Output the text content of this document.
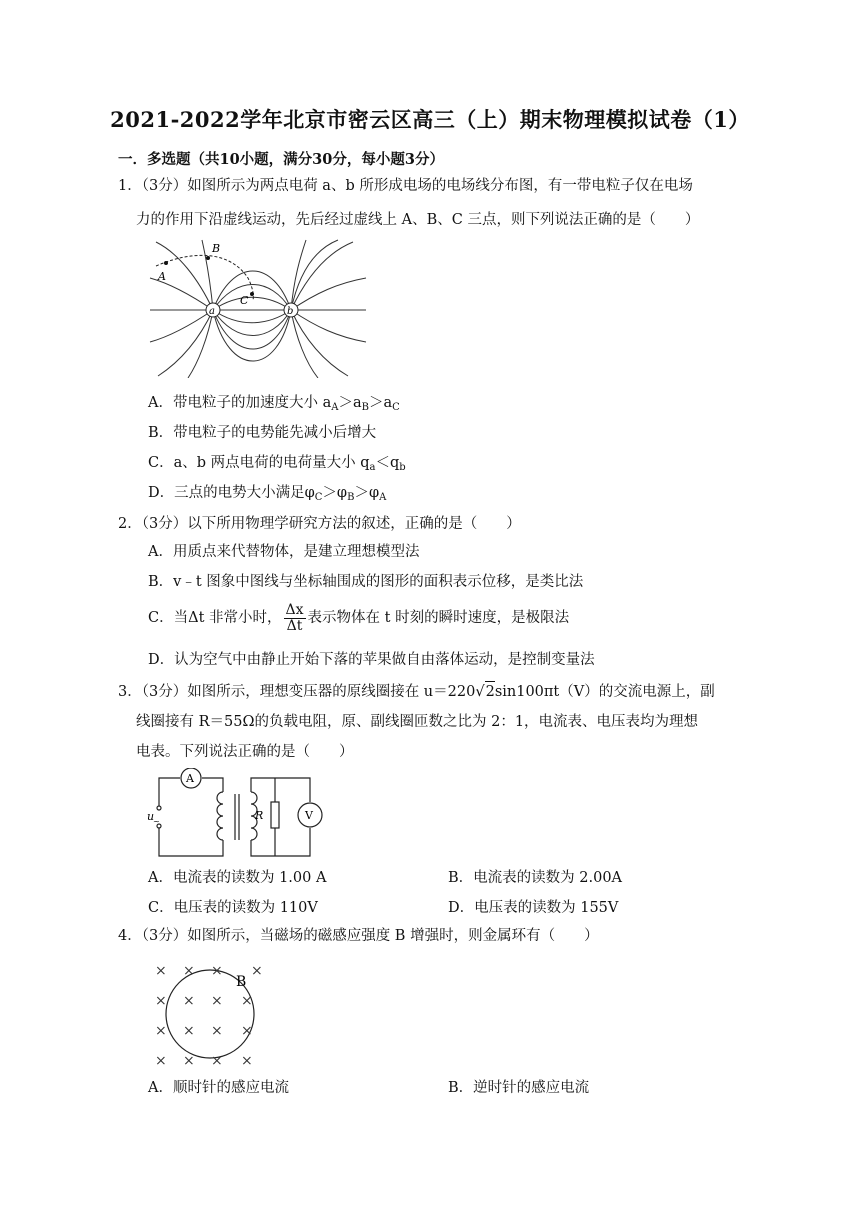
2021-2022学年北京市密云区高三（上）期末物理模拟试卷（1）
一．多选题（共10小题，满分30分，每小题3分）
1．（3分）如图所示为两点电荷 a、b 所形成电场的电场线分布图，有一带电粒子仅在电场
力的作用下沿虚线运动，先后经过虚线上 A、B、C 三点，则下列说法正确的是（　　）
A
B
C
a	b
A．带电粒子的加速度大小 $a_A>a_B>a_C$
B．带电粒子的电势能先减小后增大
C．a、b 两点电荷的电荷量大小 $q_a<q_b$
D．三点的电势大小满足$\varphi_C>\varphi_B>\varphi_A$
2．（3分）以下所用物理学研究方法的叙述，正确的是（　　）
A．用质点来代替物体，是建立理想模型法
B．v﹣t 图象中图线与坐标轴围成的图形的面积表示位移，是类比法
C．当Δt 非常小时， $\frac{\Delta x}{\Delta t}$ 表示物体在 t 时刻的瞬时速度，是极限法
D．认为空气中由静止开始下落的苹果做自由落体运动，是控制变量法
3．（3分）如图所示，理想变压器的原线圈接在 u＝220√2sin100πt（V）的交流电源上，副
线圈接有 R＝55Ω的负载电阻，原、副线圈匝数之比为 2：1，电流表、电压表均为理想
电表。下列说法正确的是（　　）
A
V
R
u
~
A．电流表的读数为 1.00 A	B．电流表的读数为 2.00A
C．电压表的读数为 110V	D．电压表的读数为 155V
4．（3分）如图所示，当磁场的磁感应强度 B 增强时，则金属环有（　　）
× × ×
× × × ×
× × × ×
× × × ×
×
B
A．顺时针的感应电流	B．逆时针的感应电流
